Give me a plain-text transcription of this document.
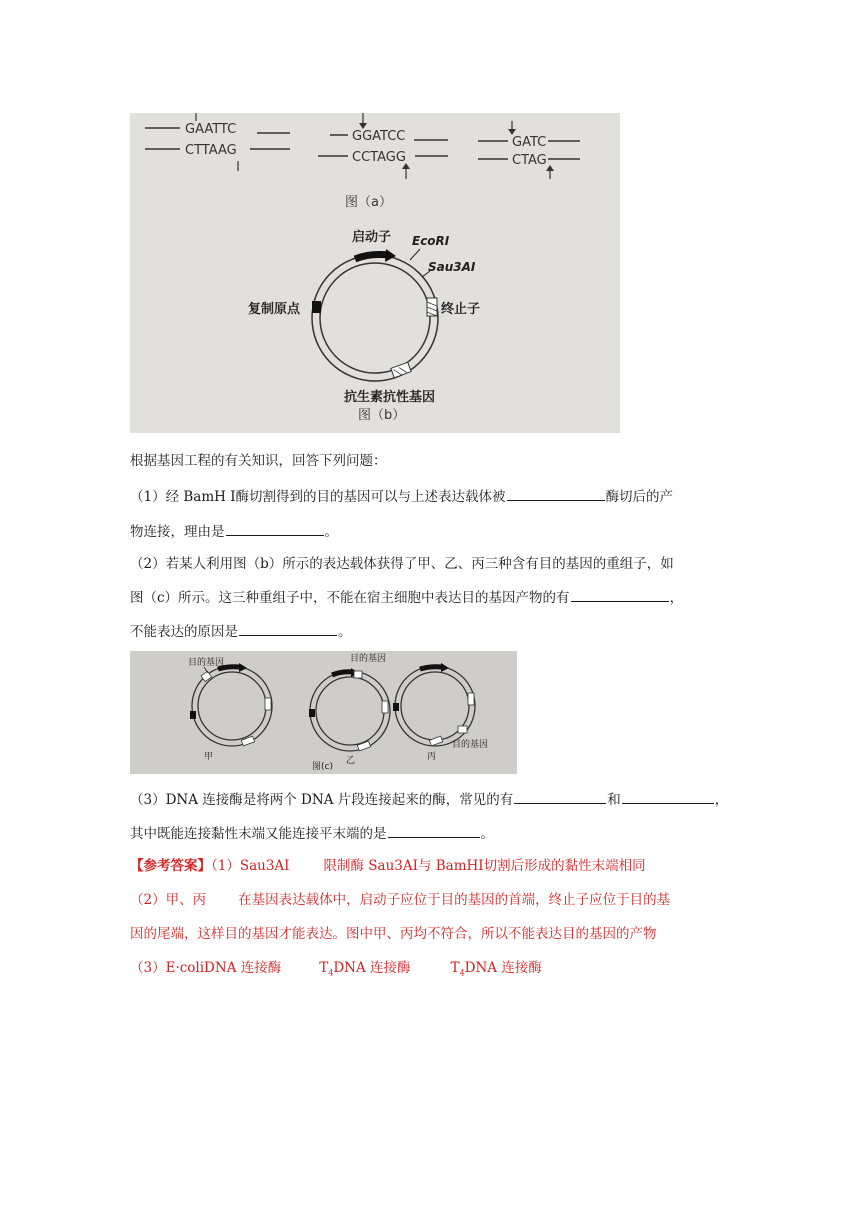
GAATTC
CTTAAG
GGATCC
CCTAGG
GATC
CTAG
图（a）
启动子 EcoRⅠ
Sau3AⅠ
复制原点	终止子
抗生素抗性基因
图（b）
根据基因工程的有关知识，回答下列问题：
（1）经 BamH Ⅰ酶切割得到的目的基因可以与上述表达载体被	酶切后的产
物连接，理由是	。
（2）若某人利用图（b）所示的表达载体获得了甲、乙、丙三种含有目的基因的重组子，如
图（c）所示。这三种重组子中，不能在宿主细胞中表达目的基因产物的有	，
不能表达的原因是	。
目的基因
甲
目的基因
乙
目的基因
丙
图(c)
（3）DNA 连接酶是将两个 DNA 片段连接起来的酶，常见的有	和	，
其中既能连接黏性末端又能连接平末端的是	。
【参考答案】（1）Sau3AⅠ	限制酶 Sau3AⅠ与 BamHⅠ切割后形成的黏性末端相同
（2）甲、丙 在基因表达载体中，启动子应位于目的基因的首端，终止子应位于目的基
因的尾端，这样目的基因才能表达。图中甲、丙均不符合，所以不能表达目的基因的产物
（3）E·coliDNA 连接酶	$T_4DNA$ 连接酶	$T_4DNA$ 连接酶
